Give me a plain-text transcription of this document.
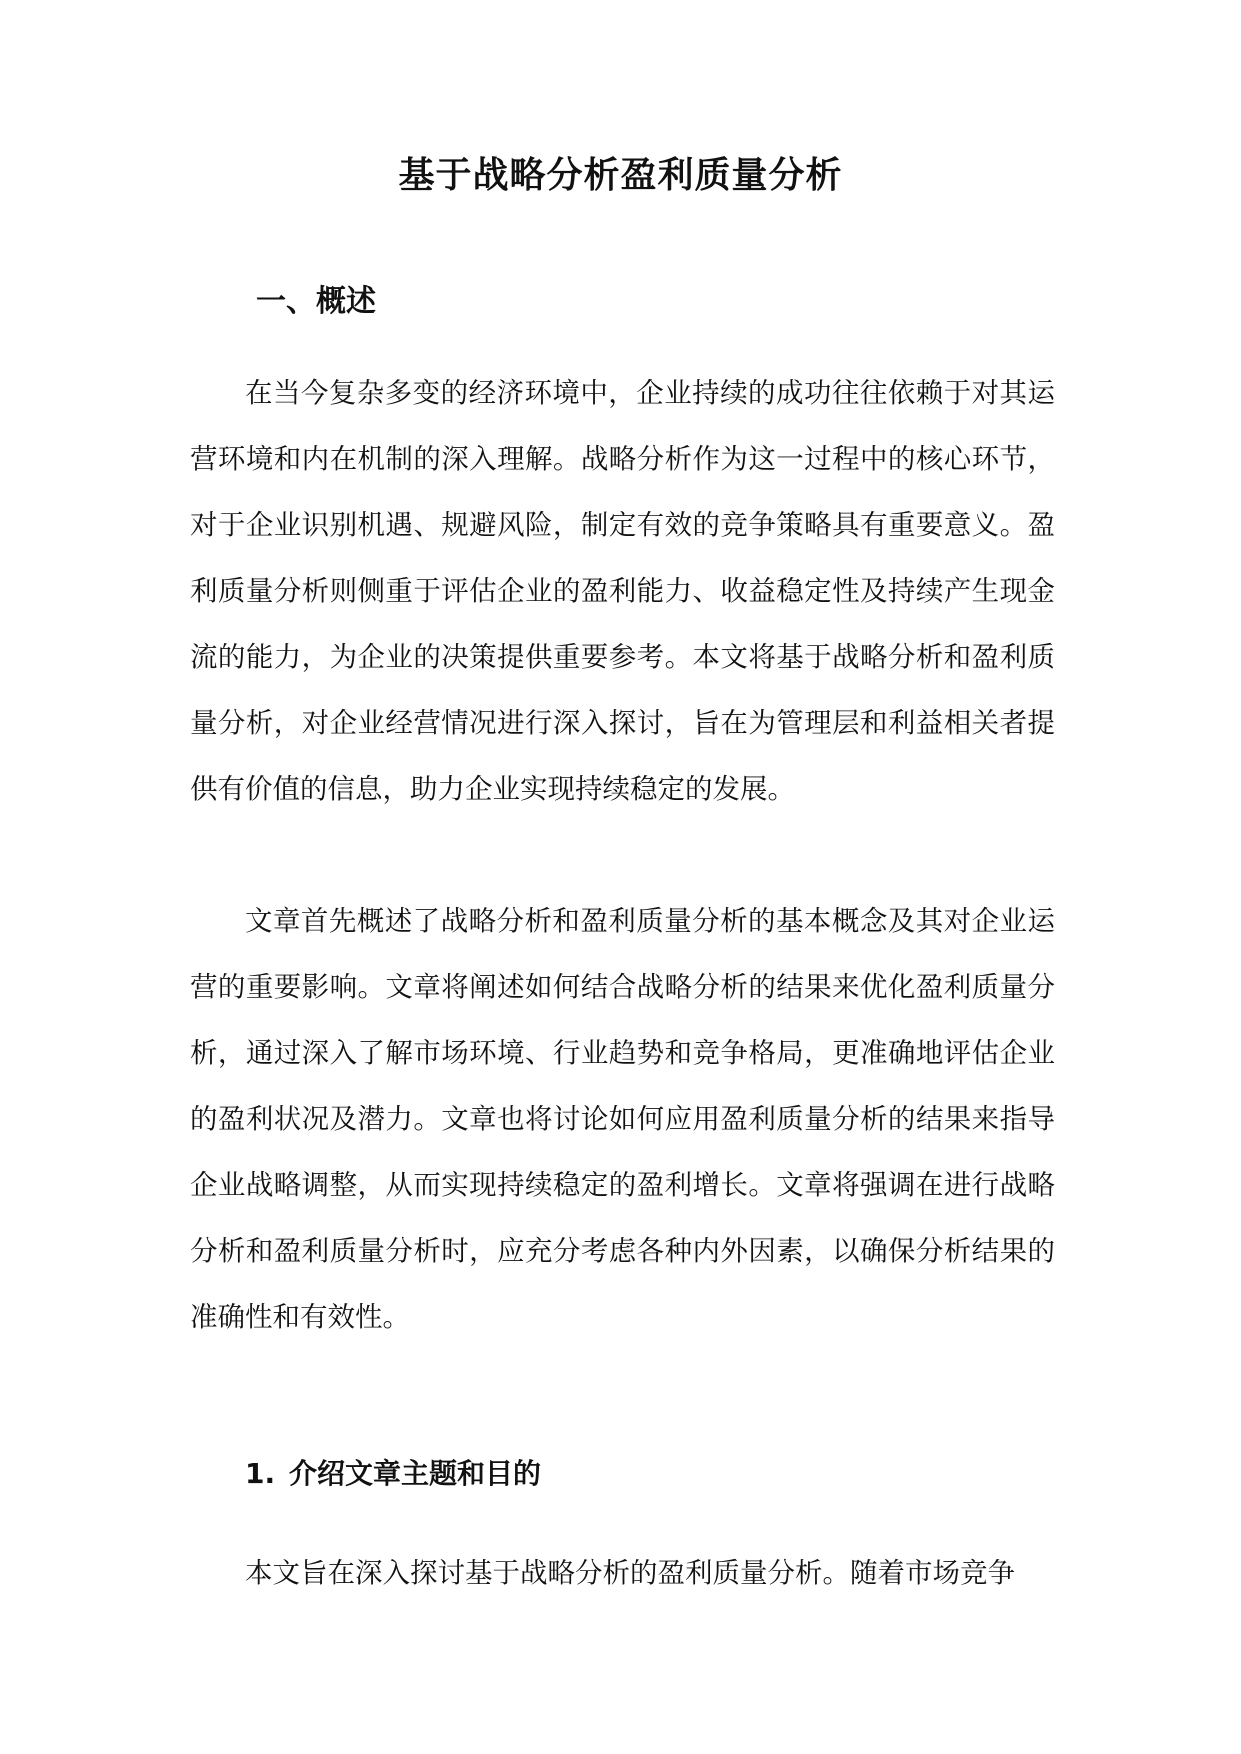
基于战略分析盈利质量分析
一、概述

在当今复杂多变的经济环境中，企业持续的成功往往依赖于对其运营环境和内在机制的深入理解。战略分析作为这一过程中的核心环节，对于企业识别机遇、规避风险，制定有效的竞争策略具有重要意义。盈利质量分析则侧重于评估企业的盈利能力、收益稳定性及持续产生现金流的能力，为企业的决策提供重要参考。本文将基于战略分析和盈利质量分析，对企业经营情况进行深入探讨，旨在为管理层和利益相关者提供有价值的信息，助力企业实现持续稳定的发展。

文章首先概述了战略分析和盈利质量分析的基本概念及其对企业运营的重要影响。文章将阐述如何结合战略分析的结果来优化盈利质量分析，通过深入了解市场环境、行业趋势和竞争格局，更准确地评估企业的盈利状况及潜力。文章也将讨论如何应用盈利质量分析的结果来指导企业战略调整，从而实现持续稳定的盈利增长。文章将强调在进行战略分析和盈利质量分析时，应充分考虑各种内外因素，以确保分析结果的准确性和有效性。

1. 介绍文章主题和目的

本文旨在深入探讨基于战略分析的盈利质量分析。随着市场竞争
